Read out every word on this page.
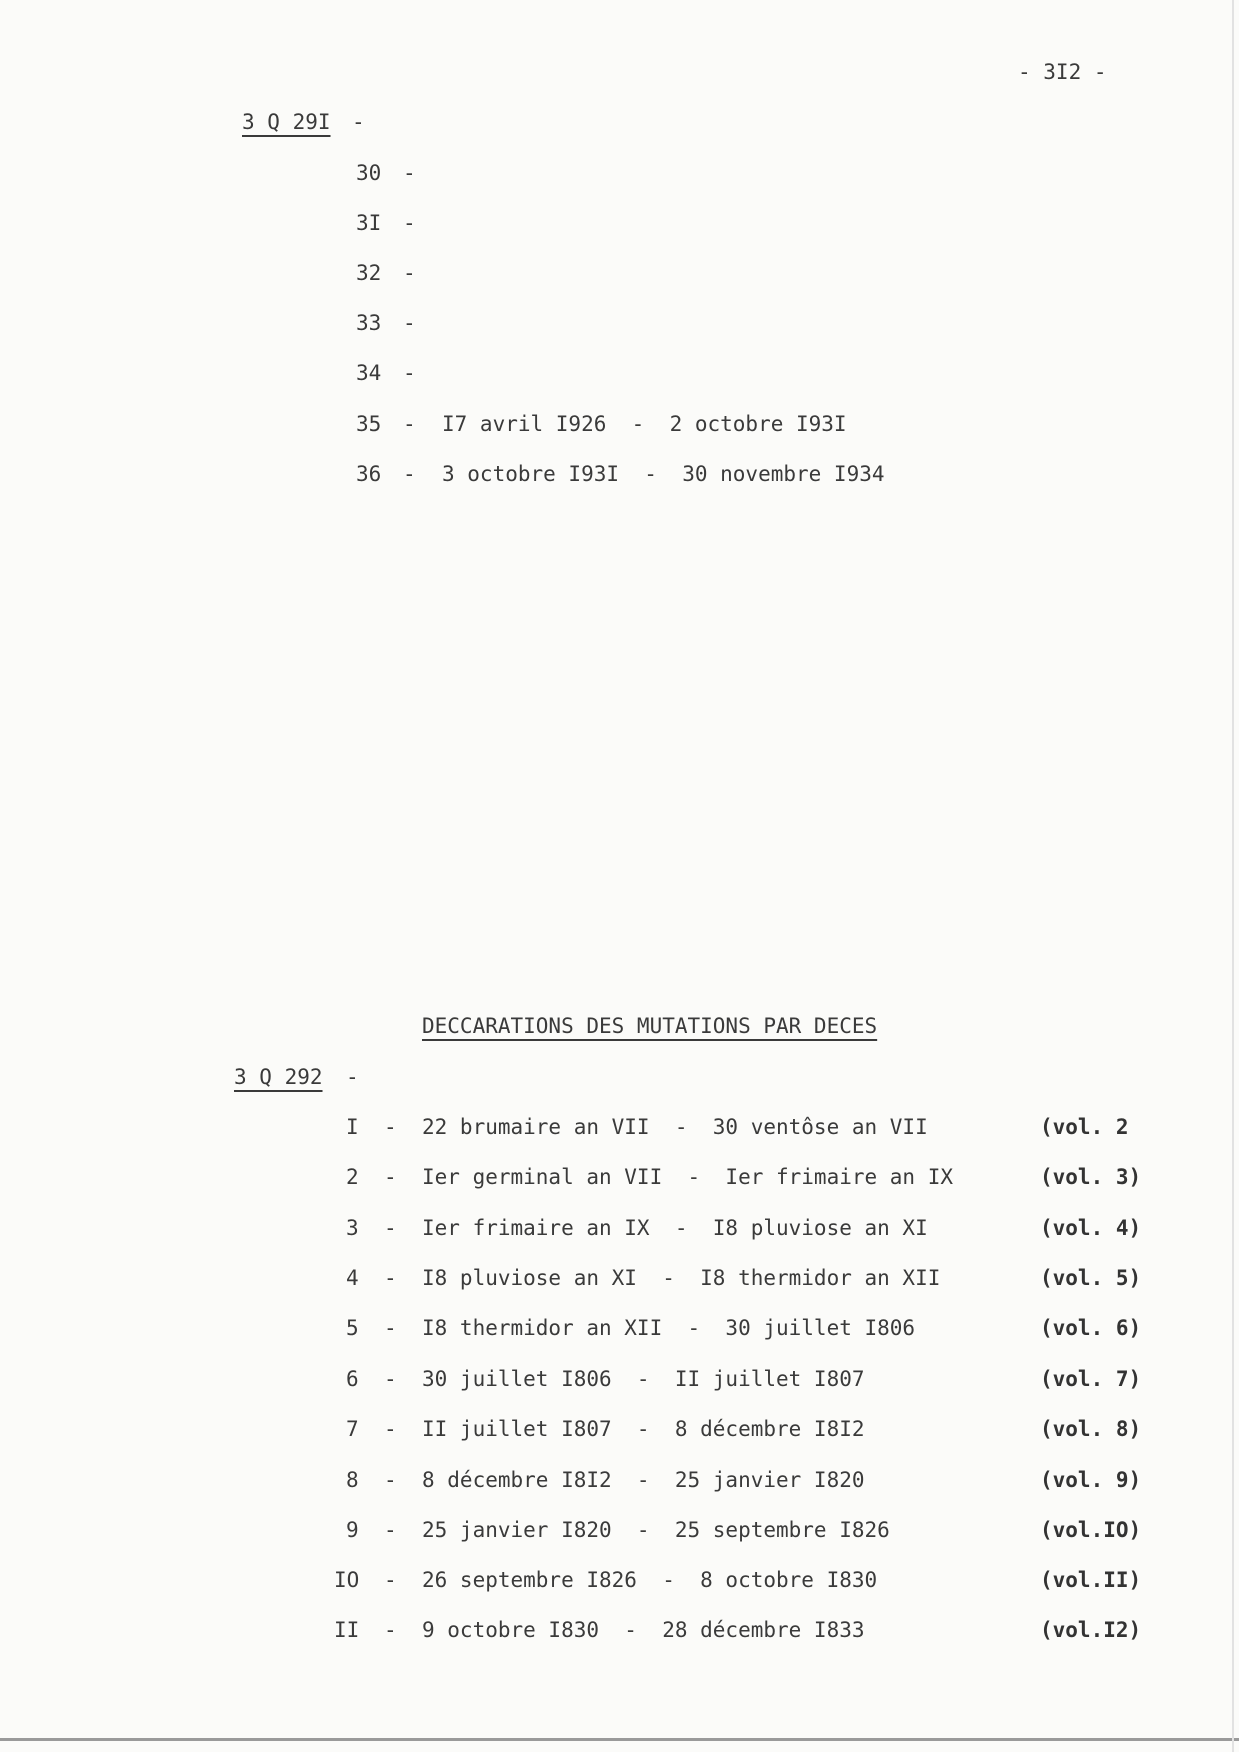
- 3I2 -
3 Q 29I -
30 -
3I -
32 -
33 -
34 -
35 - I7 avril I926  -  2 octobre I93I
36 - 3 octobre I93I  -  30 novembre I934
DECCARATIONS DES MUTATIONS PAR DECES
3 Q 292 -
I - 22 brumaire an VII  -  30 ventôse an VII	(vol. 2
2 - Ier germinal an VII  -  Ier frimaire an IX	(vol. 3)
3 - Ier frimaire an IX  -  I8 pluviose an XI	(vol. 4)
4 - I8 pluviose an XI  -  I8 thermidor an XII	(vol. 5)
5 - I8 thermidor an XII  -  30 juillet I806	(vol. 6)
6 - 30 juillet I806  -  II juillet I807	(vol. 7)
7 - II juillet I807  -  8 décembre I8I2	(vol. 8)
8 - 8 décembre I8I2  -  25 janvier I820	(vol. 9)
9 - 25 janvier I820  -  25 septembre I826	(vol.IO)
IO - 26 septembre I826  -  8 octobre I830	(vol.II)
II - 9 octobre I830  -  28 décembre I833	(vol.I2)
